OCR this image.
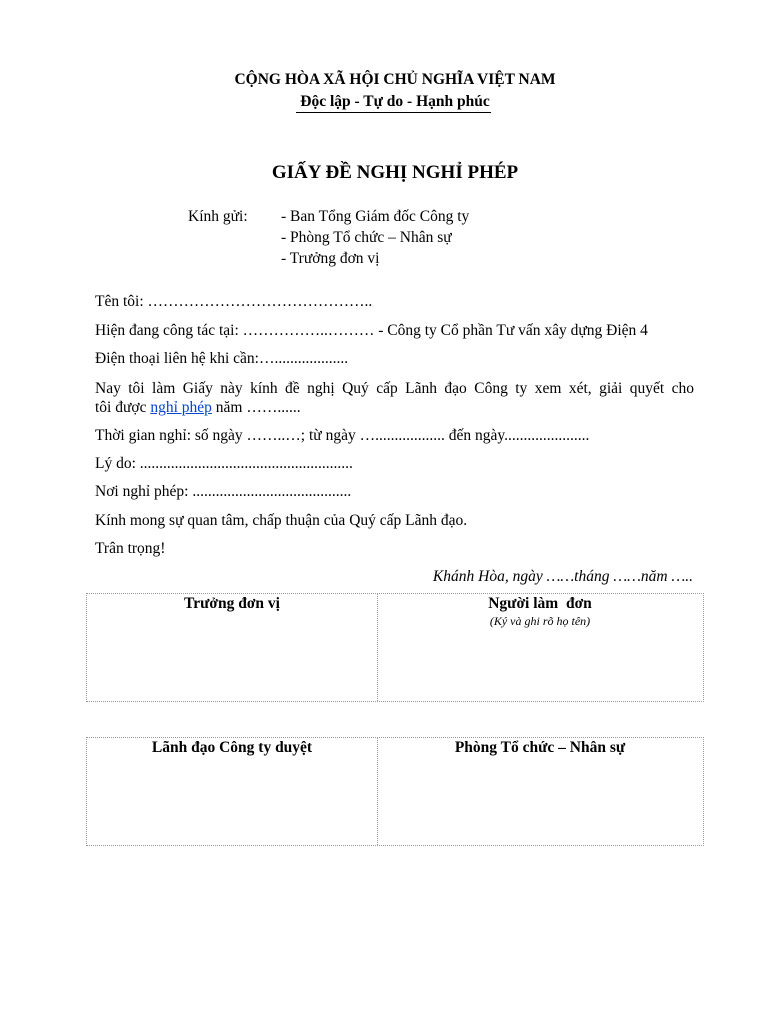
CỘNG HÒA XÃ HỘI CHỦ NGHĨA VIỆT NAM
Độc lập - Tự do - Hạnh phúc
GIẤY ĐỀ NGHỊ NGHỈ PHÉP
Kính gửi: - Ban Tổng Giám đốc Công ty
- Phòng Tổ chức – Nhân sự
- Trưởng đơn vị
Tên tôi: ……………………………………..
Hiện đang công tác tại: ……………..……… - Công ty Cổ phần Tư vấn xây dựng Điện 4
Điện thoại liên hệ khi cần:…...................
Nay tôi làm Giấy này kính đề nghị Quý cấp Lãnh đạo Công ty xem xét, giải quyết cho
tôi được nghỉ phép năm ……......
Thời gian nghỉ: số ngày ……..…; từ ngày ….................. đến ngày......................
Lý do: .......................................................
Nơi nghỉ phép: .........................................
Kính mong sự quan tâm, chấp thuận của Quý cấp Lãnh đạo.
Trân trọng!
Khánh Hòa, ngày ……tháng ……năm …..
Trưởng đơn vị	Người làm  đơn
(Ký và ghi rõ họ tên)
Lãnh đạo Công ty duyệt	Phòng Tổ chức – Nhân sự
